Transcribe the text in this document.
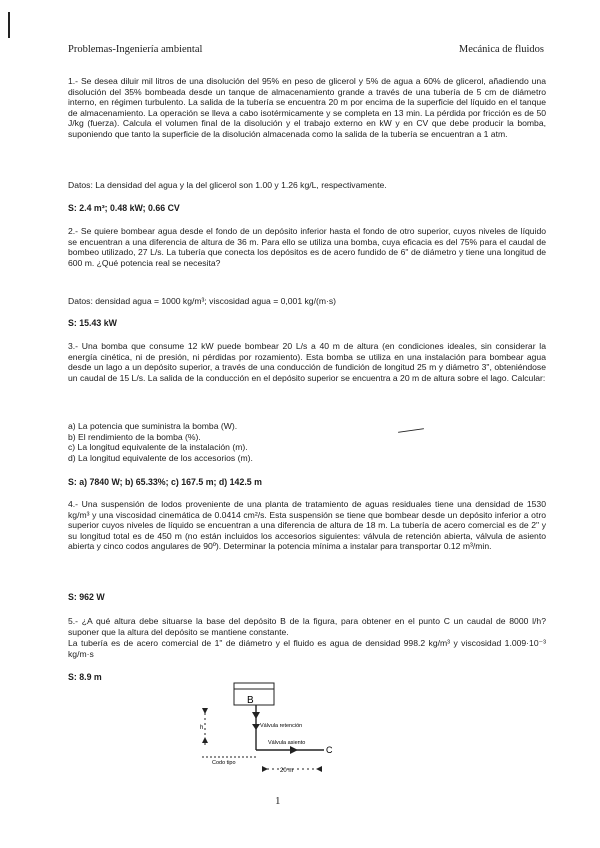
Problemas-Ingeniería ambiental	Mecánica de fluidos
1.- Se desea diluir mil litros de una disolución del 95% en peso de glicerol y 5% de agua a 60% de glicerol, añadiendo una disolución del 35% bombeada desde un tanque de almacenamiento grande a través de una tubería de 5 cm de diámetro interno, en régimen turbulento. La salida de la tubería se encuentra 20 m por encima de la superficie del líquido en el tanque de almacenamiento. La operación se lleva a cabo isotérmicamente y se completa en 13 min. La pérdida por fricción es de 50 J/kg (fuerza). Calcula el volumen final de la disolución y el trabajo externo en kW y en CV que debe producir la bomba, suponiendo que tanto la superficie de la disolución almacenada como la salida de la tubería se encuentran a 1 atm.
Datos: La densidad del agua y la del glicerol son 1.00 y 1.26 kg/L, respectivamente.
S: 2.4 m³; 0.48 kW; 0.66 CV
2.- Se quiere bombear agua desde el fondo de un depósito inferior hasta el fondo de otro superior, cuyos niveles de líquido se encuentran a una diferencia de altura de 36 m. Para ello se utiliza una bomba, cuya eficacia es del 75% para el caudal de bombeo utilizado, 27 L/s. La tubería que conecta los depósitos es de acero fundido de 6" de diámetro y tiene una longitud de 600 m. ¿Qué potencia real se necesita?
Datos: densidad agua = 1000 kg/m³; viscosidad agua = 0,001 kg/(m·s)
S: 15.43 kW
3.- Una bomba que consume 12 kW puede bombear 20 L/s a 40 m de altura (en condiciones ideales, sin considerar la energía cinética, ni de presión, ni pérdidas por rozamiento). Esta bomba se utiliza en una instalación para bombear agua desde un lago a un depósito superior, a través de una conducción de fundición de longitud 25 m y diámetro 3", obteniéndose un caudal de 15 L/s. La salida de la conducción en el depósito superior se encuentra a 20 m de altura sobre el lago. Calcular:
a) La potencia que suministra la bomba (W).
b) El rendimiento de la bomba (%).
c) La longitud equivalente de la instalación (m).
d) La longitud equivalente de los accesorios (m).
S: a) 7840 W; b) 65.33%; c) 167.5 m; d) 142.5 m
4.- Una suspensión de lodos proveniente de una planta de tratamiento de aguas residuales tiene una densidad de 1530 kg/m³ y una viscosidad cinemática de 0.0414 cm²/s. Esta suspensión se tiene que bombear desde un depósito inferior a otro superior cuyos niveles de líquido se encuentran a una diferencia de altura de 18 m. La tubería de acero comercial es de 2" y su longitud total es de 450 m (no están incluidos los accesorios siguientes: válvula de retención abierta, válvula de asiento abierta y cinco codos angulares de 90º). Determinar la potencia mínima a instalar para transportar 0.12 m³/min.
S: 962 W
5.- ¿A qué altura debe situarse la base del depósito B de la figura, para obtener en el punto C un caudal de 8000 l/h? suponer que la altura del depósito se mantiene constante.
La tubería es de acero comercial de 1" de diámetro y el fluido es agua de densidad 998.2 kg/m³ y viscosidad 1.009·10⁻³ kg/m·s
S: 8.9 m
B
C
h	Válvula retención
Válvula asiento
Codo tipo
20 m
1
